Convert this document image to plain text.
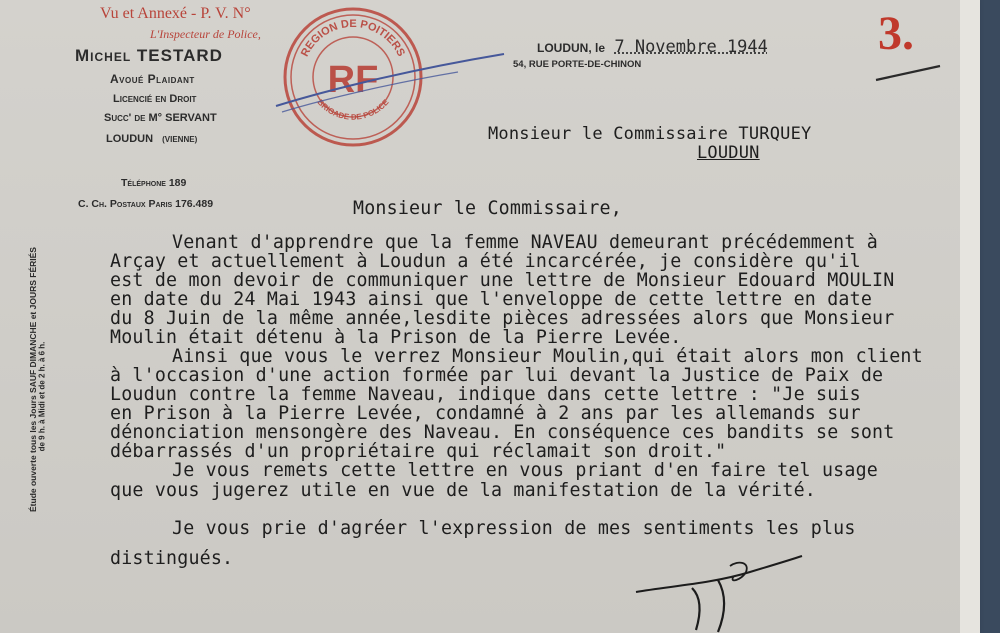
Vu et Annexé - P. V. N°
L'Inspecteur de Police,
Michel TESTARD
Avoué Plaidant
Licencié en Droit
Succ' de M° SERVANT
LOUDUN (VIENNE)
Téléphone 189
C. Ch. Postaux Paris 176.489
REGION DE POITIERS
BRIGADE DE POLICE
RF
LOUDUN, le 7 Novembre 1944
54, RUE PORTE-DE-CHINON
3.
Monsieur le Commissaire TURQUEY
LOUDUN
Monsieur le Commissaire,
Venant d'apprendre que la femme NAVEAU demeurant précédemment à
Arçay et actuellement à Loudun a été incarcérée, je considère qu'il
est de mon devoir de communiquer une lettre de Monsieur Edouard MOULIN
en date du 24 Mai 1943 ainsi que l'enveloppe de cette lettre en date
du 8 Juin de la même année,lesdite pièces adressées alors que Monsieur
Moulin était détenu à la Prison de la Pierre Levée.
Ainsi que vous le verrez Monsieur Moulin,qui était alors mon client
à l'occasion d'une action formée par lui devant la Justice de Paix de
Loudun contre la femme Naveau, indique dans cette lettre : "Je suis
en Prison à la Pierre Levée, condamné à 2 ans par les allemands sur
dénonciation mensongère des Naveau. En conséquence ces bandits se sont
débarrassés d'un propriétaire qui réclamait son droit."
Je vous remets cette lettre en vous priant d'en faire tel usage
que vous jugerez utile en vue de la manifestation de la vérité.
Je vous prie d'agréer l'expression de mes sentiments les plus
distingués.
Étude ouverte tous les Jours SAUF DIMANCHE et JOURS FÉRIÉS de 9 h. à Midi et de 2 h. à 6 h.
